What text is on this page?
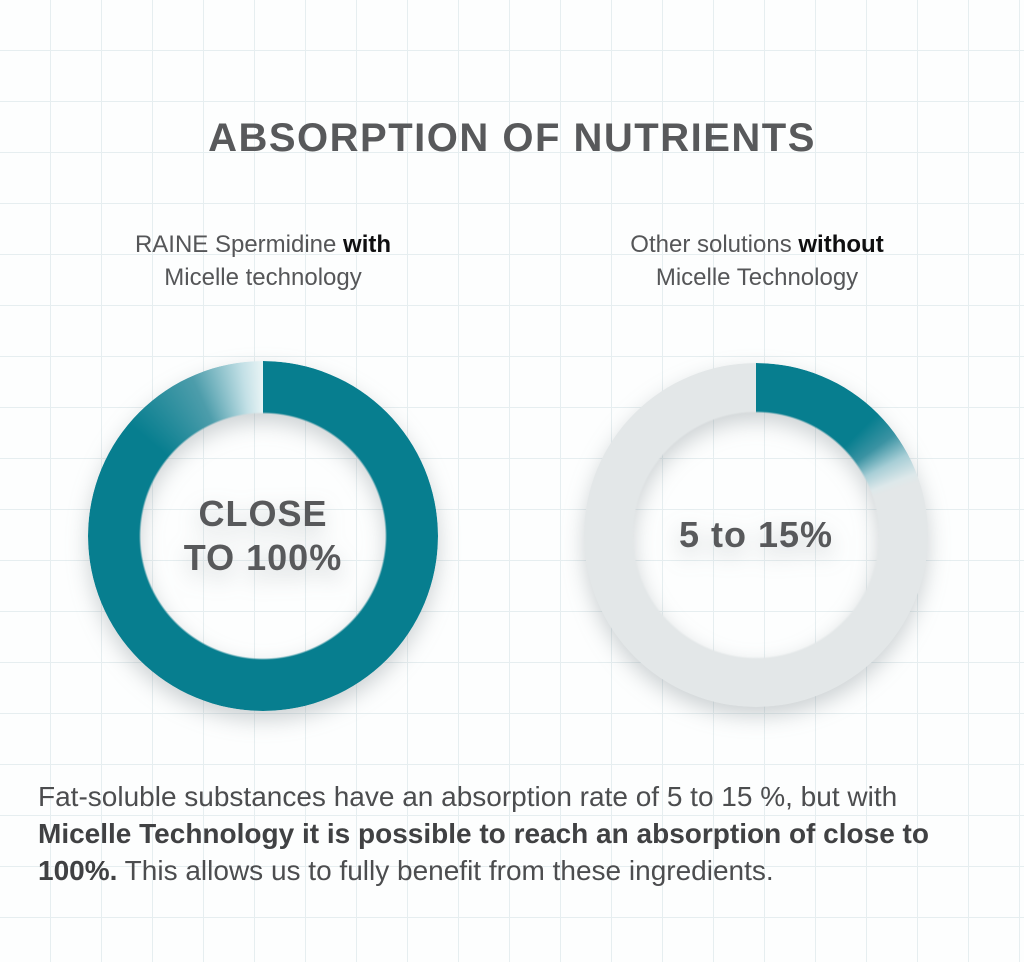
ABSORPTION OF NUTRIENTS
RAINE Spermidine with
Micelle technology
Other solutions without
Micelle Technology
CLOSE
TO 100%
5 to 15%

Fat-soluble substances have an absorption rate of 5 to 15 %, but with Micelle Technology it is possible to reach an absorption of close to 100%. This allows us to fully benefit from these ingredients.
